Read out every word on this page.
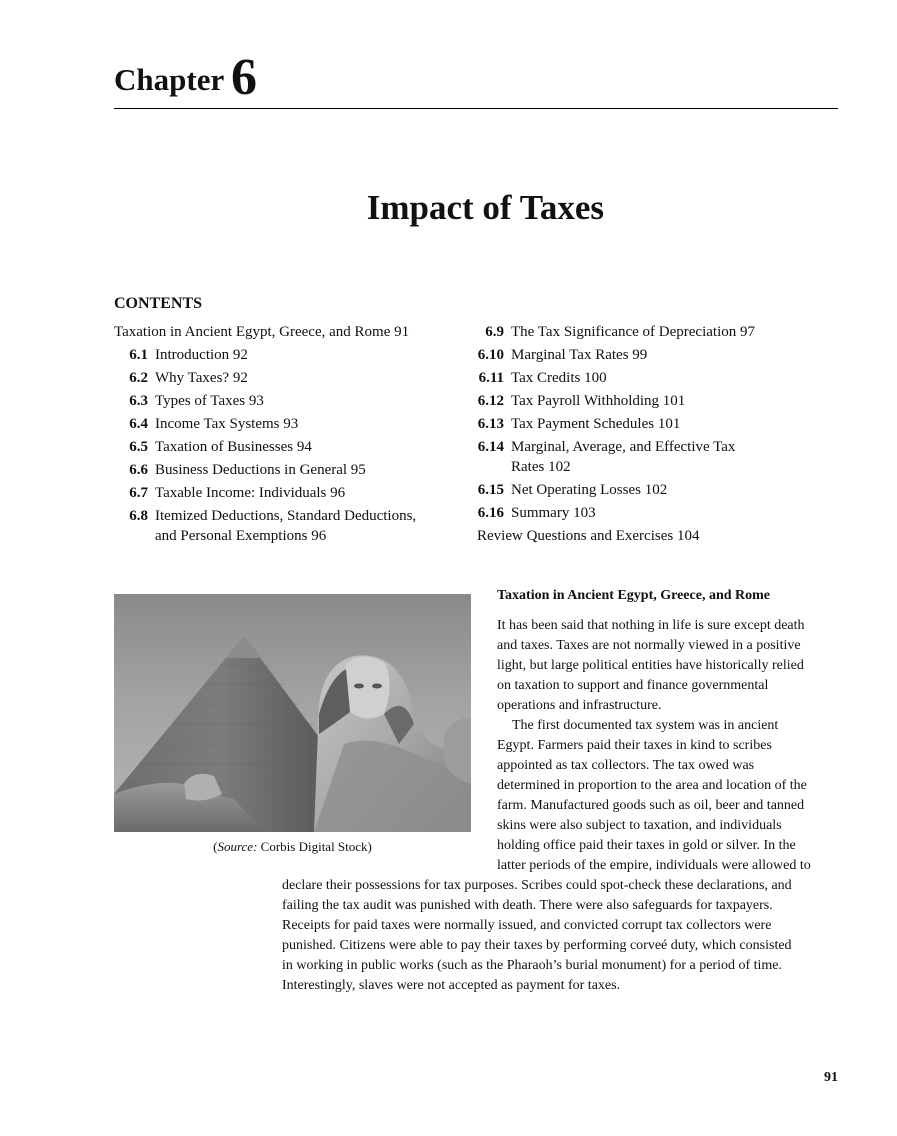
Chapter 6
Impact of Taxes
CONTENTS
Taxation in Ancient Egypt, Greece, and Rome 91
6.1 Introduction 92
6.2 Why Taxes? 92
6.3 Types of Taxes 93
6.4 Income Tax Systems 93
6.5 Taxation of Businesses 94
6.6 Business Deductions in General 95
6.7 Taxable Income: Individuals 96
6.8 Itemized Deductions, Standard Deductions, and Personal Exemptions 96
6.9 The Tax Significance of Depreciation 97
6.10 Marginal Tax Rates 99
6.11 Tax Credits 100
6.12 Tax Payroll Withholding 101
6.13 Tax Payment Schedules 101
6.14 Marginal, Average, and Effective Tax Rates 102
6.15 Net Operating Losses 102
6.16 Summary 103
Review Questions and Exercises 104
(Source: Corbis Digital Stock)
Taxation in Ancient Egypt, Greece, and Rome
It has been said that nothing in life is sure except death
and taxes. Taxes are not normally viewed in a positive
light, but large political entities have historically relied
on taxation to support and finance governmental
operations and infrastructure.
The first documented tax system was in ancient
Egypt. Farmers paid their taxes in kind to scribes
appointed as tax collectors. The tax owed was
determined in proportion to the area and location of the
farm. Manufactured goods such as oil, beer and tanned
skins were also subject to taxation, and individuals
holding office paid their taxes in gold or silver. In the
latter periods of the empire, individuals were allowed to
declare their possessions for tax purposes. Scribes could spot-check these declarations, and
failing the tax audit was punished with death. There were also safeguards for taxpayers.
Receipts for paid taxes were normally issued, and convicted corrupt tax collectors were
punished. Citizens were able to pay their taxes by performing corveé duty, which consisted
in working in public works (such as the Pharaoh’s burial monument) for a period of time.
Interestingly, slaves were not accepted as payment for taxes.
91
